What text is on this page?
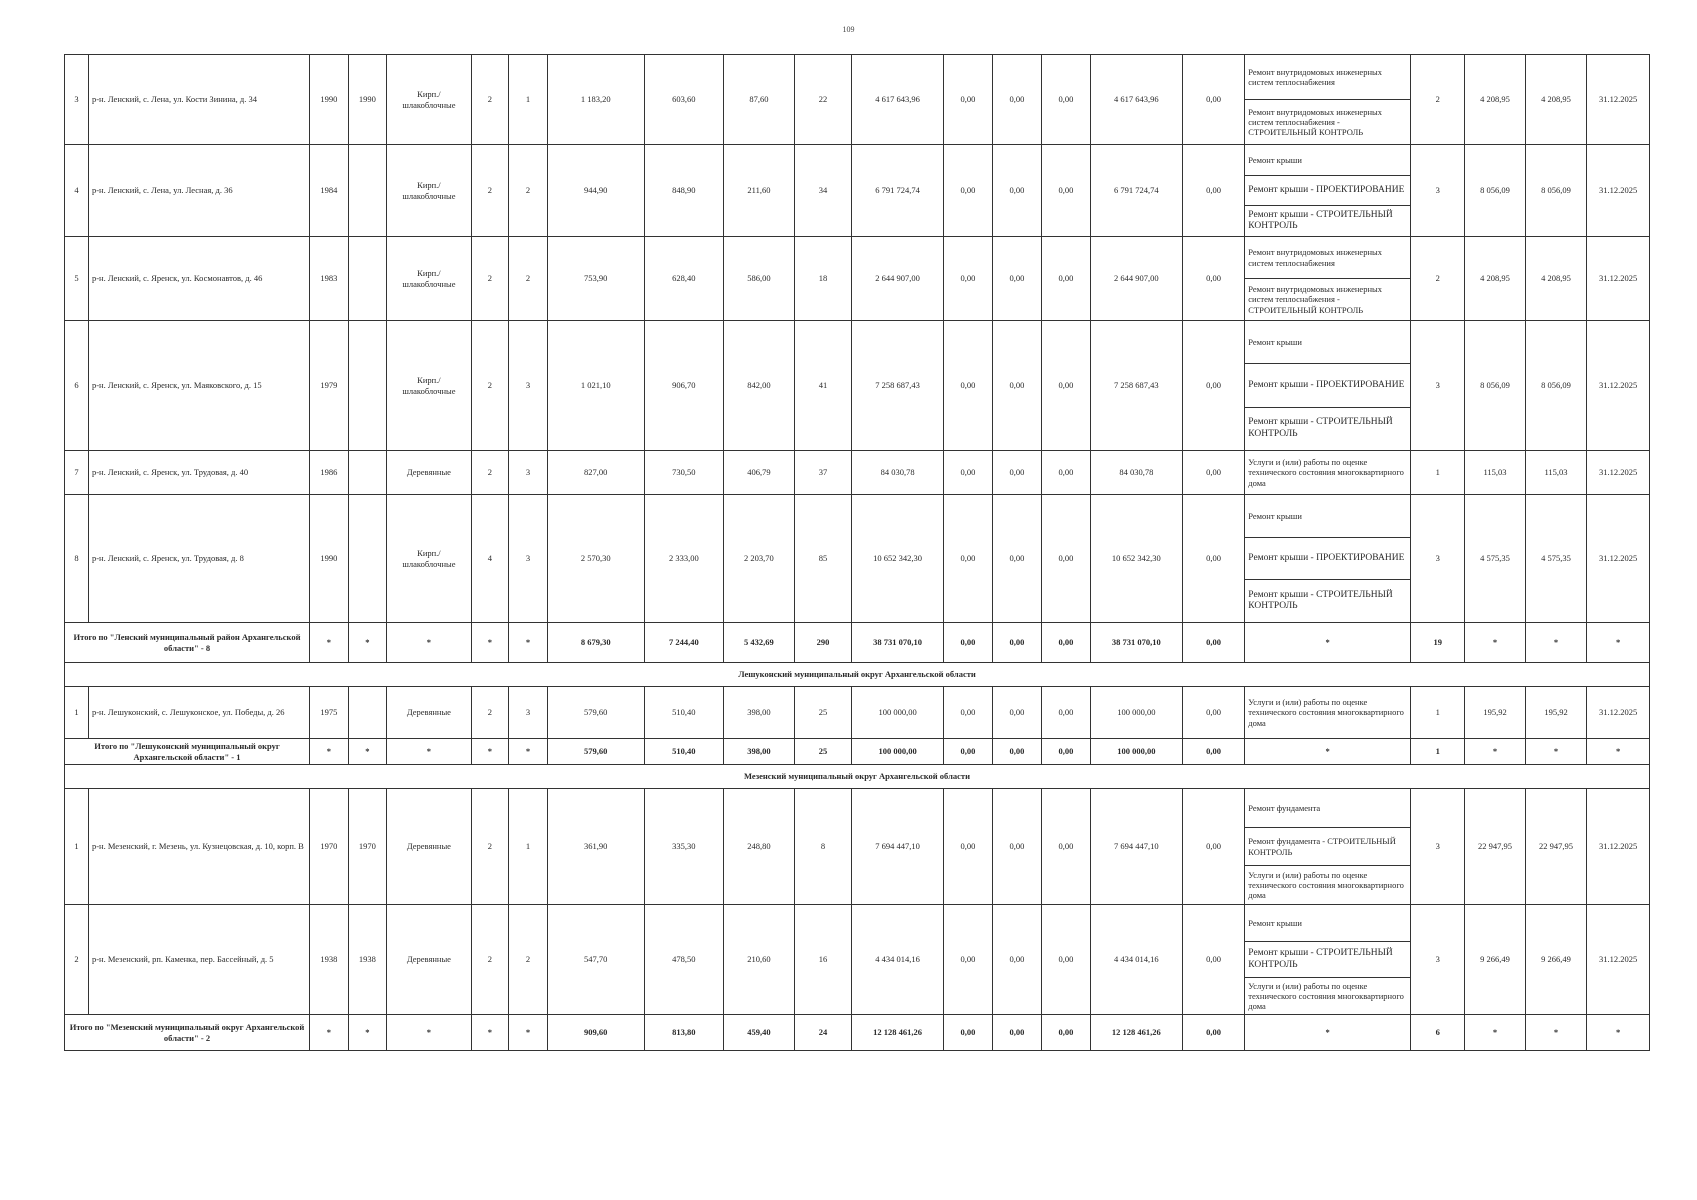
109
3	р-н. Ленский, с. Лена, ул. Кости Зинина, д. 34	1990	1990	Кирп./ шлакоблочные	2	1	1 183,20	603,60	87,60	22	4 617 643,96	0,00	0,00	0,00	4 617 643,96	0,00	Ремонт внутридомовых инженерных систем теплоснабжения
Ремонт внутридомовых инженерных систем теплоснабжения - СТРОИТЕЛЬНЫЙ КОНТРОЛЬ	2	4 208,95	4 208,95	31.12.2025
4	р-н. Ленский, с. Лена, ул. Лесная, д. 36	1984		Кирп./ шлакоблочные	2	2	944,90	848,90	211,60	34	6 791 724,74	0,00	0,00	0,00	6 791 724,74	0,00	Ремонт крыши
Ремонт крыши - ПРОЕКТИРОВАНИЕ
Ремонт крыши - СТРОИТЕЛЬНЫЙ КОНТРОЛЬ	3	8 056,09	8 056,09	31.12.2025
5	р-н. Ленский, с. Яренск, ул. Космонавтов, д. 46	1983		Кирп./ шлакоблочные	2	2	753,90	628,40	586,00	18	2 644 907,00	0,00	0,00	0,00	2 644 907,00	0,00	Ремонт внутридомовых инженерных систем теплоснабжения
Ремонт внутридомовых инженерных систем теплоснабжения - СТРОИТЕЛЬНЫЙ КОНТРОЛЬ	2	4 208,95	4 208,95	31.12.2025
6	р-н. Ленский, с. Яренск, ул. Маяковского, д. 15	1979		Кирп./ шлакоблочные	2	3	1 021,10	906,70	842,00	41	7 258 687,43	0,00	0,00	0,00	7 258 687,43	0,00	Ремонт крыши
Ремонт крыши - ПРОЕКТИРОВАНИЕ
Ремонт крыши - СТРОИТЕЛЬНЫЙ КОНТРОЛЬ	3	8 056,09	8 056,09	31.12.2025
7	р-н. Ленский, с. Яренск, ул. Трудовая, д. 40	1986		Деревянные	2	3	827,00	730,50	406,79	37	84 030,78	0,00	0,00	0,00	84 030,78	0,00	Услуги и (или) работы по оценке технического состояния многоквартирного дома	1	115,03	115,03	31.12.2025
8	р-н. Ленский, с. Яренск, ул. Трудовая, д. 8	1990		Кирп./ шлакоблочные	4	3	2 570,30	2 333,00	2 203,70	85	10 652 342,30	0,00	0,00	0,00	10 652 342,30	0,00	Ремонт крыши
Ремонт крыши - ПРОЕКТИРОВАНИЕ
Ремонт крыши - СТРОИТЕЛЬНЫЙ КОНТРОЛЬ	3	4 575,35	4 575,35	31.12.2025
Итого по "Ленский муниципальный район Архангельской области" - 8		*	*	*	*	*	8 679,30	7 244,40	5 432,69	290	38 731 070,10	0,00	0,00	0,00	38 731 070,10	0,00	*	19	*	*	*
Лешуконский муниципальный округ Архангельской области																					
1	р-н. Лешуконский, с. Лешуконское, ул. Победы, д. 26	1975		Деревянные	2	3	579,60	510,40	398,00	25	100 000,00	0,00	0,00	0,00	100 000,00	0,00	Услуги и (или) работы по оценке технического состояния многоквартирного дома	1	195,92	195,92	31.12.2025
Итого по "Лешуконский муниципальный округ Архангельской области" - 1		*	*	*	*	*	579,60	510,40	398,00	25	100 000,00	0,00	0,00	0,00	100 000,00	0,00	*	1	*	*	*
Мезенский муниципальный округ Архангельской области																					
1	р-н. Мезенский, г. Мезень, ул. Кузнецовская, д. 10, корп. В	1970	1970	Деревянные	2	1	361,90	335,30	248,80	8	7 694 447,10	0,00	0,00	0,00	7 694 447,10	0,00	Ремонт фундамента
Ремонт фундамента - СТРОИТЕЛЬНЫЙ КОНТРОЛЬ
Услуги и (или) работы по оценке технического состояния многоквартирного дома	3	22 947,95	22 947,95	31.12.2025
2	р-н. Мезенский, рп. Каменка, пер. Бассейный, д. 5	1938	1938	Деревянные	2	2	547,70	478,50	210,60	16	4 434 014,16	0,00	0,00	0,00	4 434 014,16	0,00	Ремонт крыши
Ремонт крыши - СТРОИТЕЛЬНЫЙ КОНТРОЛЬ
Услуги и (или) работы по оценке технического состояния многоквартирного дома	3	9 266,49	9 266,49	31.12.2025
Итого по "Мезенский муниципальный округ Архангельской области" - 2		*	*	*	*	*	909,60	813,80	459,40	24	12 128 461,26	0,00	0,00	0,00	12 128 461,26	0,00	*	6	*	*	*
